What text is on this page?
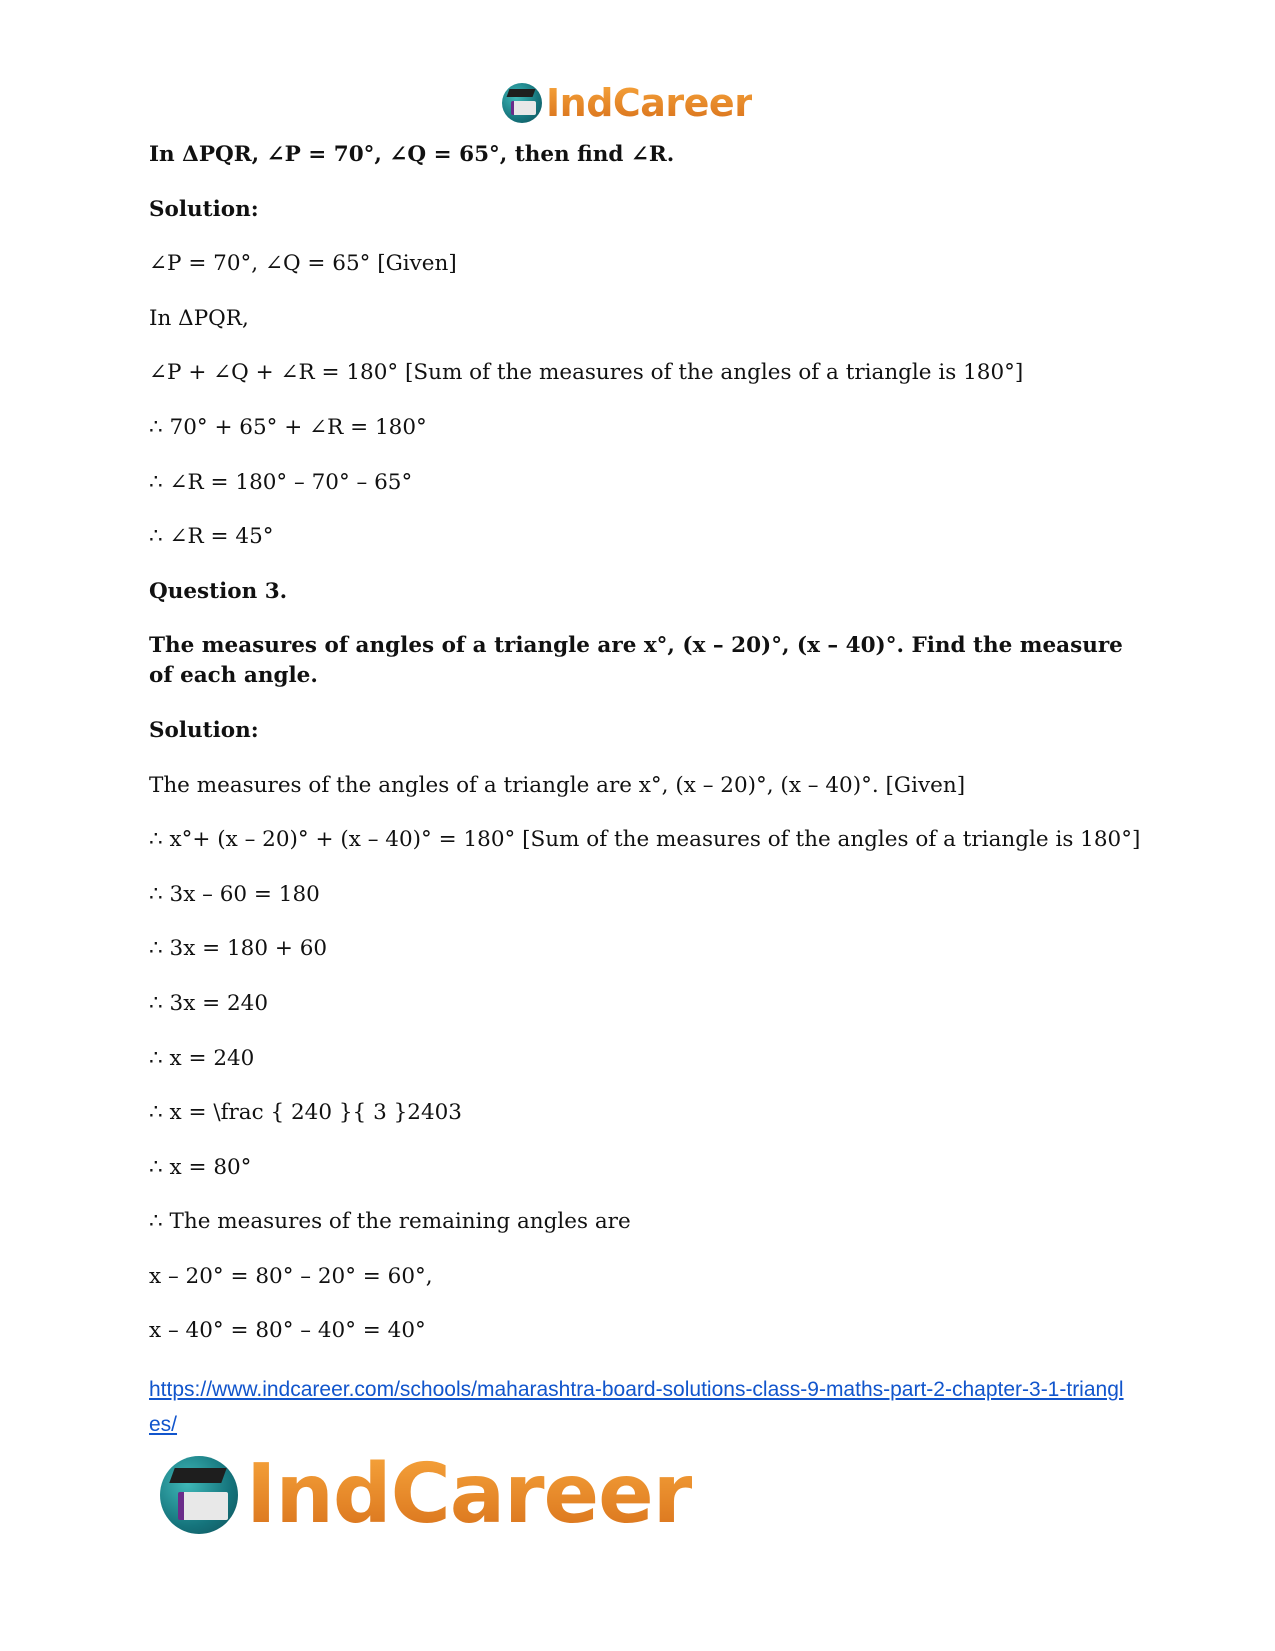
IndCareer
In ΔPQR, ∠P = 70°, ∠Q = 65°, then find ∠R.
Solution:
∠P = 70°, ∠Q = 65° [Given]
In ΔPQR,
∠P + ∠Q + ∠R = 180° [Sum of the measures of the angles of a triangle is 180°]
∴ 70° + 65° + ∠R = 180°
∴ ∠R = 180° – 70° – 65°
∴ ∠R = 45°
Question 3.
The measures of angles of a triangle are x°, (x – 20)°, (x – 40)°. Find the measure of each angle.
Solution:
The measures of the angles of a triangle are x°, (x – 20)°, (x – 40)°. [Given]
∴ x°+ (x – 20)° + (x – 40)° = 180° [Sum of the measures of the angles of a triangle is 180°]
∴ 3x – 60 = 180
∴ 3x = 180 + 60
∴ 3x = 240
∴ x = 240
∴ x = \frac { 240 }{ 3 }2403
∴ x = 80°
∴ The measures of the remaining angles are
x – 20° = 80° – 20° = 60°,
x – 40° = 80° – 40° = 40°
https://www.indcareer.com/schools/maharashtra-board-solutions-class-9-maths-part-2-chapter-3-1-triangles/
IndCareer
